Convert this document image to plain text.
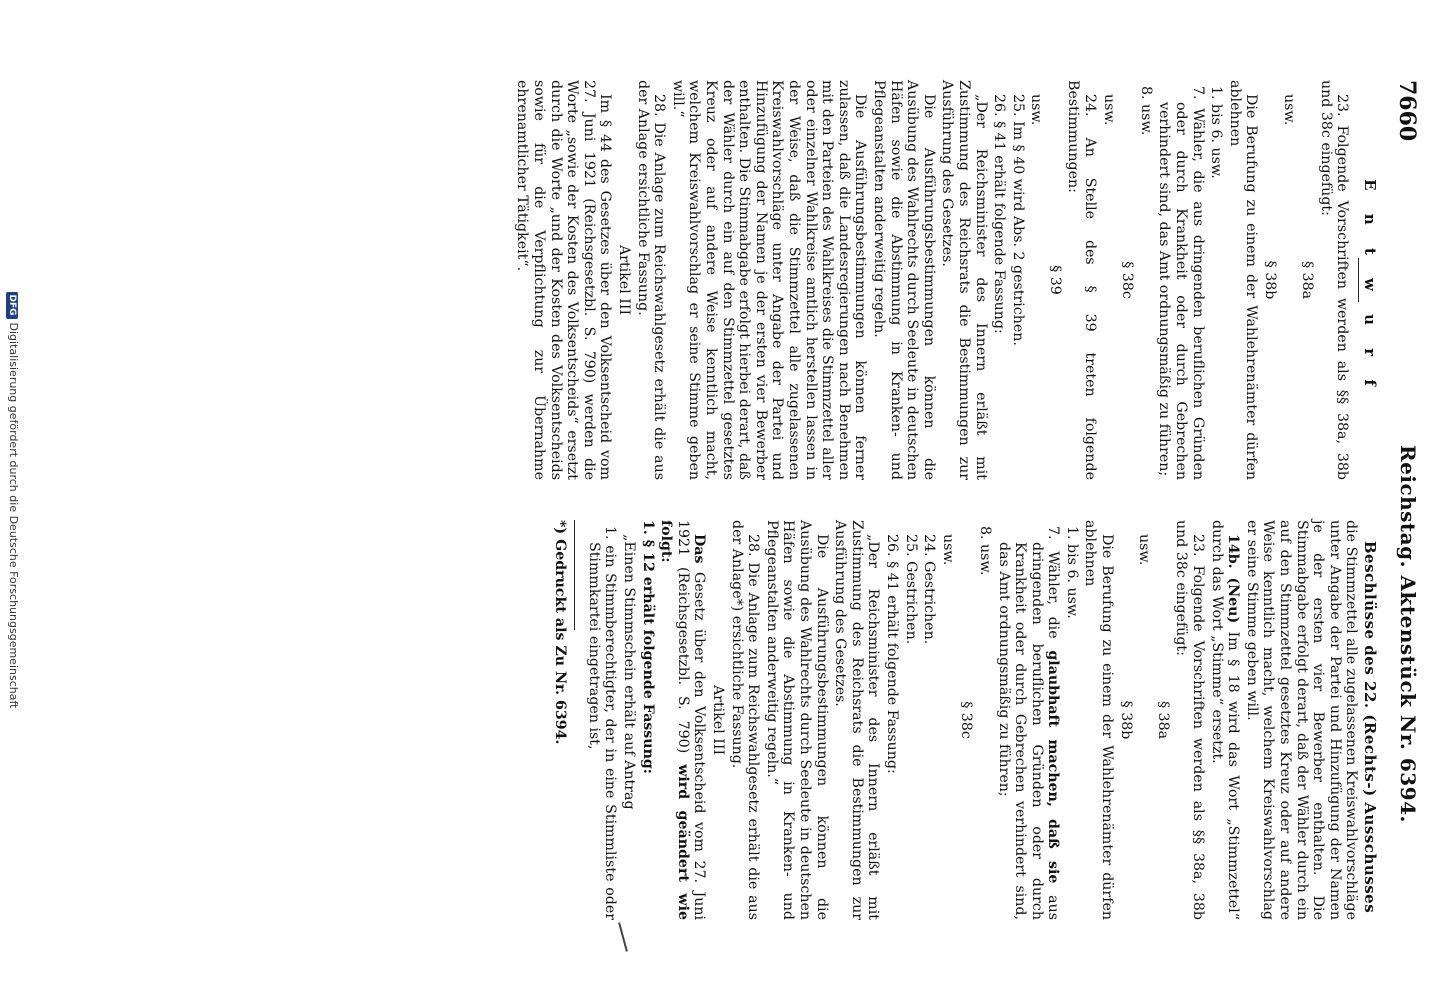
7660
Reichstag. Aktenstück Nr. 6394.

E n t w u r f

23. Folgende Vorschriften werden als §§ 38a, 38b und 38c eingefügt:

§ 38a

usw.

§ 38b

Die Berufung zu einem der Wahlehrenämter dürfen ablehnen

1. bis 6. usw.

7. Wähler, die aus dringenden beruflichen Gründen oder durch Krankheit oder durch Gebrechen verhindert sind, das Amt ordnungsmäßig zu führen;

8. usw.

§ 38c

usw.

24. An Stelle des § 39 treten folgende Bestimmungen:

§ 39

usw.

25. Im § 40 wird Abs. 2 gestrichen.

26. § 41 erhält folgende Fassung:

„Der Reichsminister des Innern erläßt mit Zustimmung des Reichsrats die Bestimmungen zur Ausführung des Gesetzes.

Die Ausführungsbestimmungen können die Ausübung des Wahlrechts durch Seeleute in deutschen Häfen sowie die Abstimmung in Kranken- und Pflegeanstalten anderweitig regeln.

Die Ausführungsbestimmungen können ferner zulassen, daß die Landesregierungen nach Benehmen mit den Parteien des Wahlkreises die Stimmzettel aller oder einzelner Wahlkreise amtlich herstellen lassen in der Weise, daß die Stimmzettel alle zugelassenen Kreiswahlvorschläge unter Angabe der Partei und Hinzufügung der Namen je der ersten vier Bewerber enthalten. Die Stimmabgabe erfolgt hierbei derart, daß der Wähler durch ein auf den Stimmzettel gesetztes Kreuz oder auf andere Weise kenntlich macht, welchem Kreiswahlvorschlag er seine Stimme geben will.“

28. Die Anlage zum Reichswahlgesetz erhält die aus der Anlage ersichtliche Fassung.

Artikel III

Im § 44 des Gesetzes über den Volksentscheid vom 27. Juni 1921 (Reichsgesetzbl. S. 790) werden die Worte „sowie der Kosten des Volksentscheids“ ersetzt durch die Worte „und der Kosten des Volksentscheids sowie für die Verpflichtung zur Übernahme ehrenamtlicher Tätigkeit“.

Beschlüsse des 22. (Rechts-) Ausschusses

die Stimmzettel alle zugelassenen Kreiswahlvorschläge unter Angabe der Partei und Hinzufügung der Namen je der ersten vier Bewerber enthalten. Die Stimmabgabe erfolgt derart, daß der Wähler durch ein auf den Stimmzettel gesetztes Kreuz oder auf andere Weise kenntlich macht, welchem Kreiswahlvorschlag er seine Stimme geben will.

14b. (Neu) Im § 18 wird das Wort „Stimmzettel“ durch das Wort „Stimme“ ersetzt.

23. Folgende Vorschriften werden als §§ 38a, 38b und 38c eingefügt:

§ 38a

usw.

§ 38b

Die Berufung zu einem der Wahlehrenämter dürfen ablehnen

1. bis 6. usw.

7. Wähler, die glaubhaft machen, daß sie aus dringenden beruflichen Gründen oder durch Krankheit oder durch Gebrechen verhindert sind, das Amt ordnungsmäßig zu führen;

8. usw.

§ 38c

usw.

24. Gestrichen.

25. Gestrichen.

26. § 41 erhält folgende Fassung:

„Der Reichsminister des Innern erläßt mit Zustimmung des Reichsrats die Bestimmungen zur Ausführung des Gesetzes.

Die Ausführungsbestimmungen können die Ausübung des Wahlrechts durch Seeleute in deutschen Häfen sowie die Abstimmung in Kranken- und Pflegeanstalten anderweitig regeln.“

28. Die Anlage zum Reichswahlgesetz erhält die aus der Anlage*) ersichtliche Fassung.

Artikel III

Das Gesetz über den Volksentscheid vom 27. Juni 1921 (Reichsgesetzbl. S. 790) wird geändert wie folgt:

1. § 12 erhält folgende Fassung:

„Einen Stimmschein erhält auf Antrag

1. ein Stimmberechtigter, der in eine Stimmliste oder Stimmkartei eingetragen ist,

*) Gedruckt als Zu Nr. 6394.

DFGDigitalisierung gefördert durch die Deutsche Forschungsgemeinschaft
